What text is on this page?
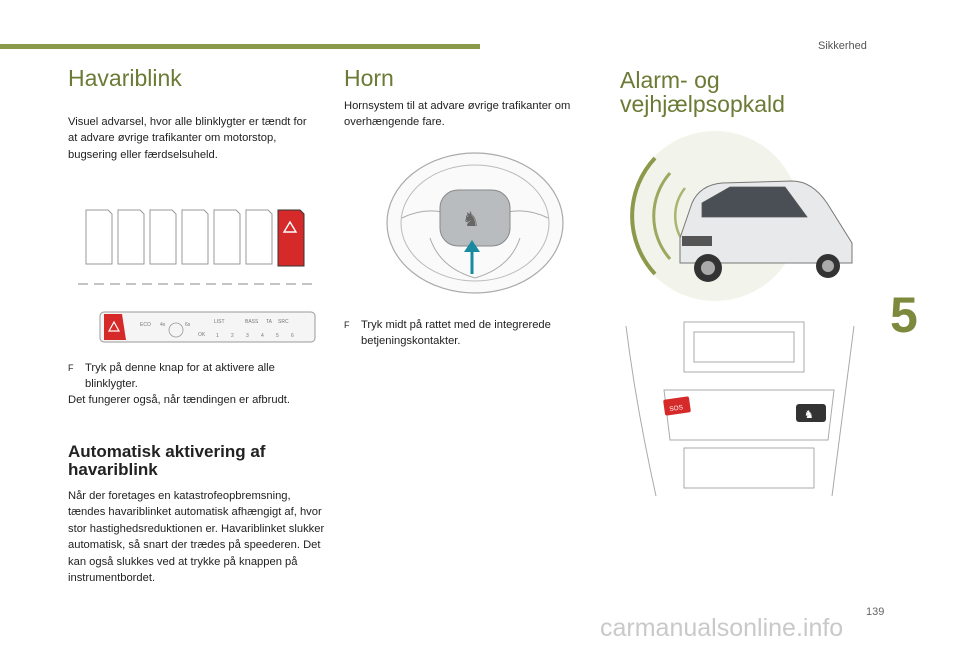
Sikkerhed
5
139
carmanualsonline.info
Havariblink
Visuel advarsel, hvor alle blinklygter er tændt for at advare øvrige trafikanter om motorstop, bugsering eller færdselsuheld.
ECO 4x	6x
OK
LIST	BASS TA SRC
1 2 3 4 5 6
F Tryk på denne knap for at aktivere alle blinklygter.
Det fungerer også, når tændingen er afbrudt.
Automatisk aktivering af havariblink
Når der foretages en katastrofeopbremsning, tændes havariblinket automatisk afhængigt af, hvor stor hastighedsreduktionen er. Havariblinket slukker automatisk, så snart der trædes på speederen. Det kan også slukkes ved at trykke på knappen på instrumentbordet.
Horn
Hornsystem til at advare øvrige trafikanter om overhængende fare.
♞
F Tryk midt på rattet med de integrerede betjeningskontakter.
Alarm- og vejhjælpsopkald
SOS
♞
